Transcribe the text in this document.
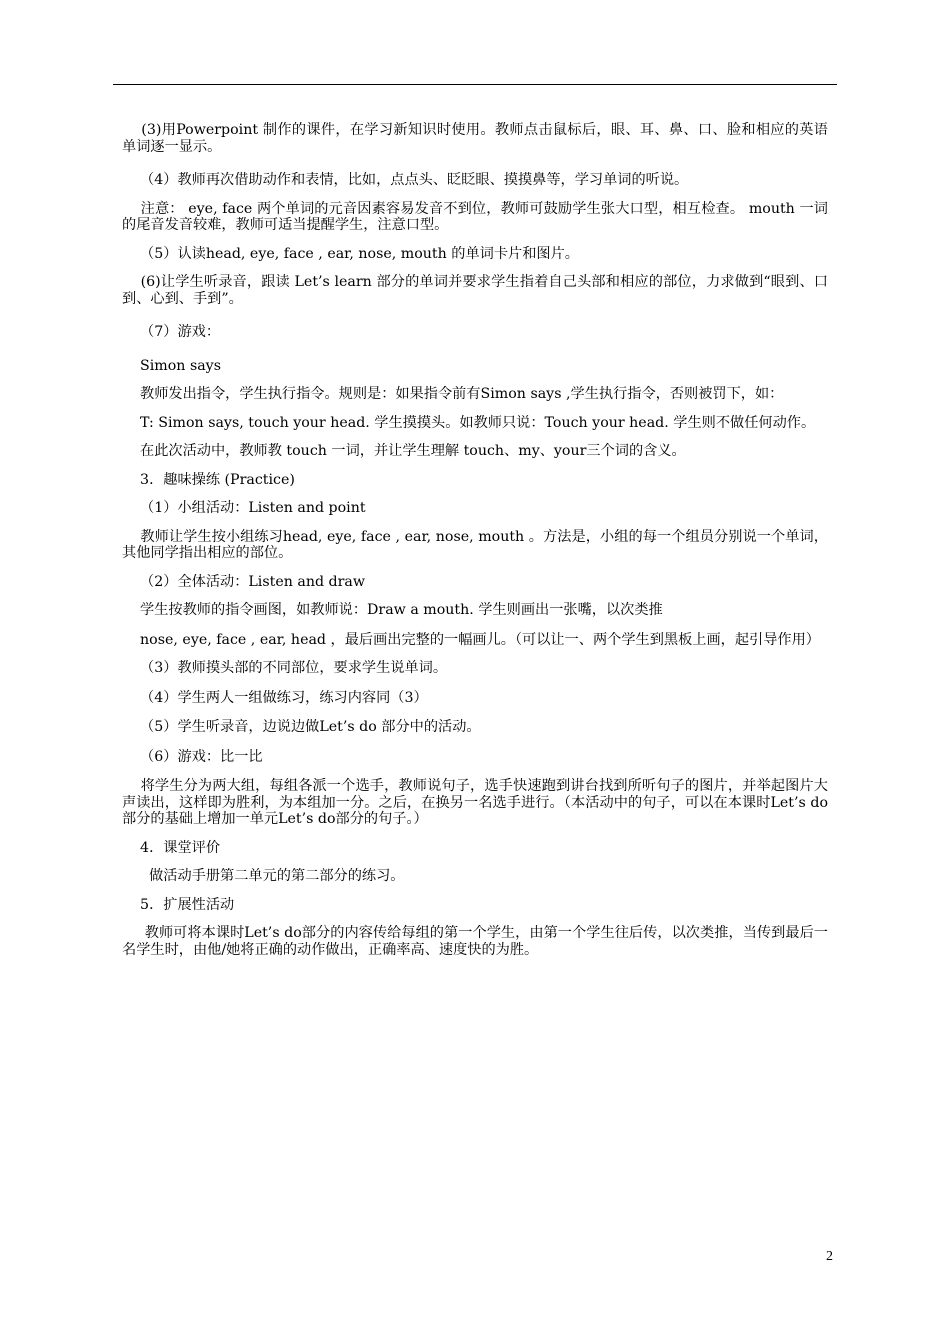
(3)用Powerpoint 制作的课件，在学习新知识时使用。教师点击鼠标后，眼、耳、鼻、口、脸和相应的英语单词逐一显示。

（4）教师再次借助动作和表情，比如，点点头、眨眨眼、摸摸鼻等，学习单词的听说。

注意： eye, face 两个单词的元音因素容易发音不到位，教师可鼓励学生张大口型，相互检查。 mouth 一词的尾音发音较难，教师可适当提醒学生，注意口型。

（5）认读head, eye, face , ear, nose, mouth 的单词卡片和图片。

(6)让学生听录音，跟读 Let’s learn 部分的单词并要求学生指着自己头部和相应的部位，力求做到“眼到、口到、心到、手到”。

（7）游戏：

Simon says

教师发出指令，学生执行指令。规则是：如果指令前有Simon says ,学生执行指令，否则被罚下，如：

T: Simon says, touch your head. 学生摸摸头。如教师只说：Touch your head. 学生则不做任何动作。

在此次活动中，教师教 touch 一词，并让学生理解 touch、my、your三个词的含义。

3．趣味操练 (Practice)

（1）小组活动：Listen and point

教师让学生按小组练习head, eye, face , ear, nose, mouth 。方法是，小组的每一个组员分别说一个单词，其他同学指出相应的部位。

（2）全体活动：Listen and draw

学生按教师的指令画图，如教师说：Draw a mouth. 学生则画出一张嘴，以次类推

nose, eye, face , ear, head ，最后画出完整的一幅画儿。（可以让一、两个学生到黑板上画，起引导作用）

（3）教师摸头部的不同部位，要求学生说单词。

（4）学生两人一组做练习，练习内容同（3）

（5）学生听录音，边说边做Let’s do 部分中的活动。

（6）游戏：比一比

将学生分为两大组，每组各派一个选手，教师说句子，选手快速跑到讲台找到所听句子的图片，并举起图片大声读出，这样即为胜利，为本组加一分。之后，在换另一名选手进行。（本活动中的句子，可以在本课时Let’s do部分的基础上增加一单元Let’s do部分的句子。）

4．课堂评价

做活动手册第二单元的第二部分的练习。

5．扩展性活动

教师可将本课时Let’s do部分的内容传给每组的第一个学生，由第一个学生往后传，以次类推，当传到最后一名学生时，由他/她将正确的动作做出，正确率高、速度快的为胜。

2
